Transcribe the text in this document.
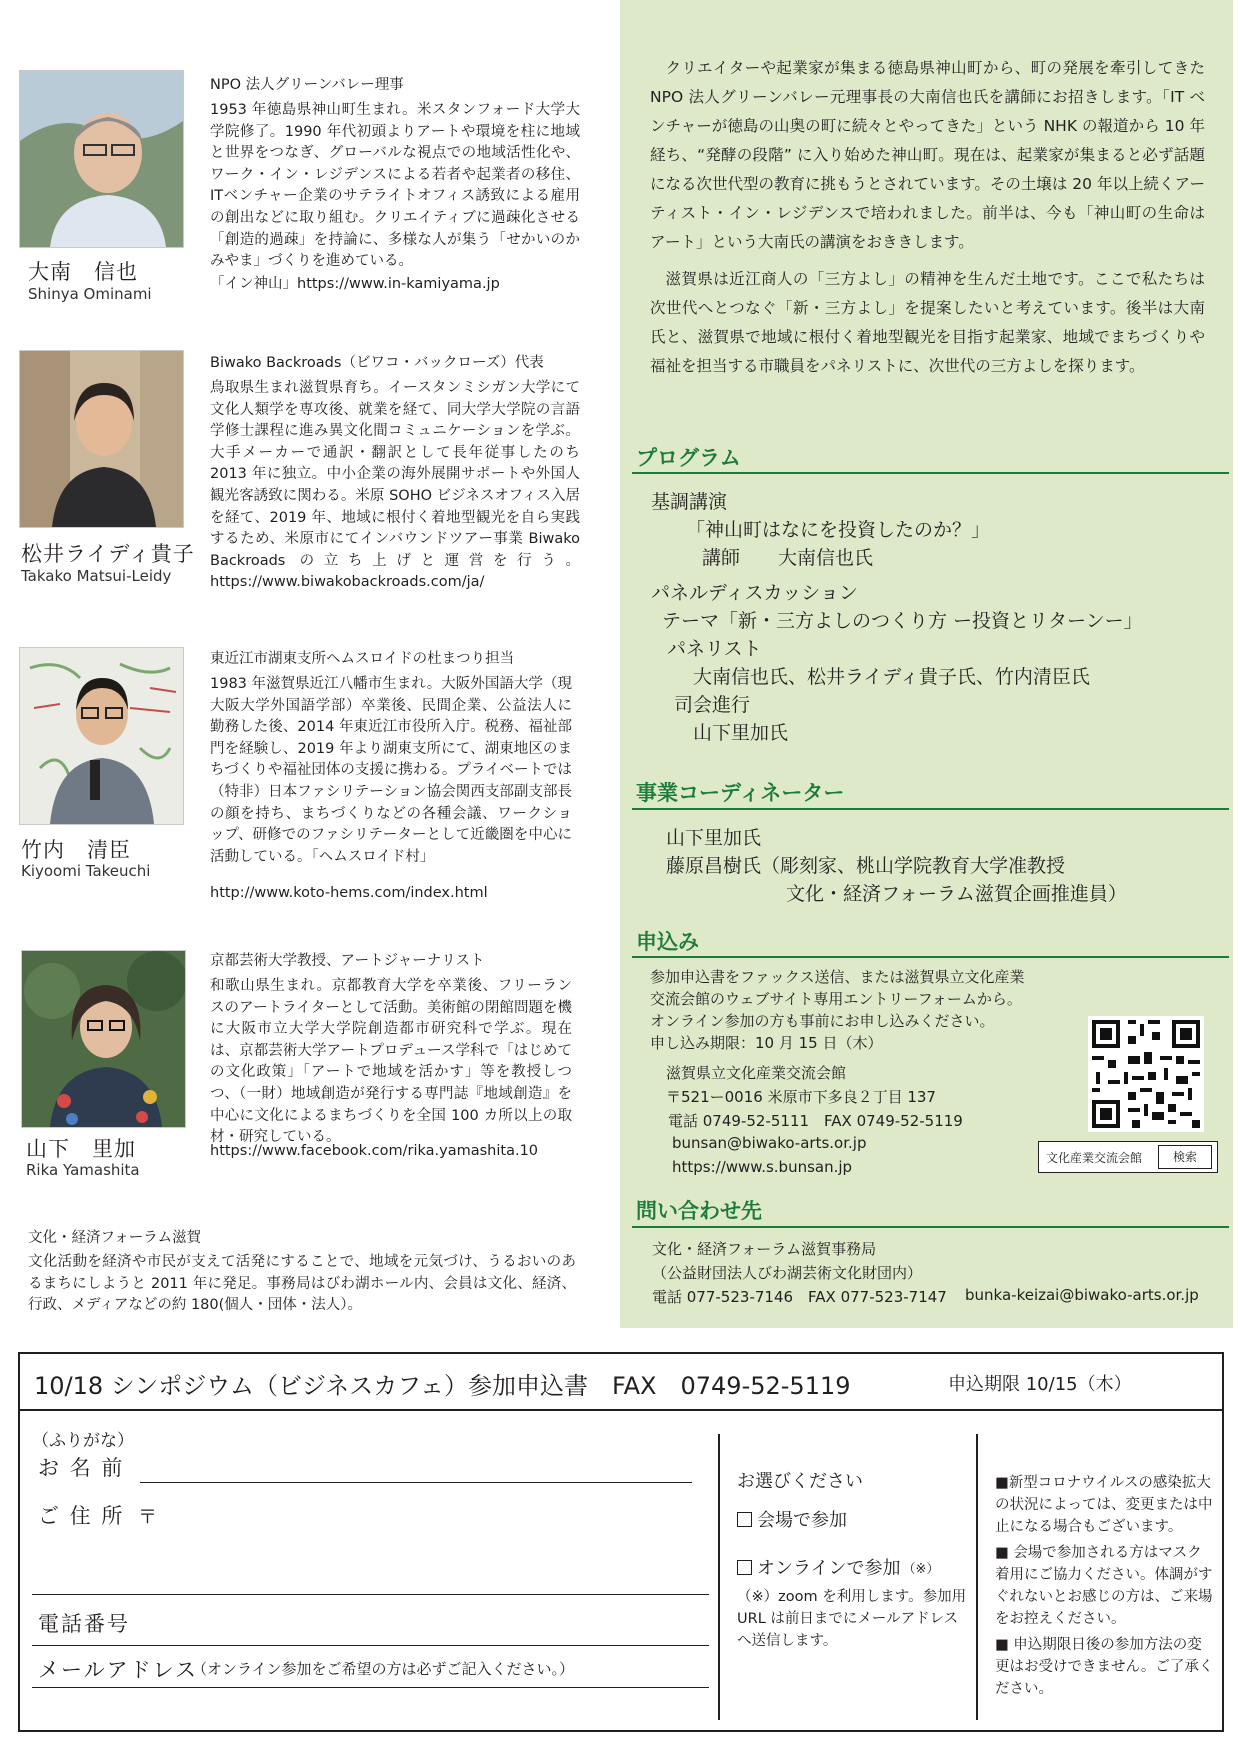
大南　信也
Shinya Ominami
NPO 法人グリーンバレー理事

1953 年徳島県神山町生まれ。米スタンフォード大学大学院修了。1990 年代初頭よりアートや環境を柱に地域と世界をつなぎ、グローバルな視点での地域活性化や、ワーク・イン・レジデンスによる若者や起業者の移住、ITベンチャー企業のサテライトオフィス誘致による雇用の創出などに取り組む。クリエイティブに過疎化させる「創造的過疎」を持論に、多様な人が集う「せかいのかみやま」づくりを進めている。

「イン神山」https://www.in-kamiyama.jp
松井ライディ貴子
Takako Matsui-Leidy
Biwako Backroads（ビワコ・バックローズ）代表

鳥取県生まれ滋賀県育ち。イースタンミシガン大学にて文化人類学を専攻後、就業を経て、同大学大学院の言語学修士課程に進み異文化間コミュニケーションを学ぶ。大手メーカーで通訳・翻訳として長年従事したのち 2013 年に独立。中小企業の海外展開サポートや外国人観光客誘致に関わる。米原 SOHO ビジネスオフィス入居を経て、2019 年、地域に根付く着地型観光を自ら実践するため、米原市にてインバウンドツアー事業 Biwako Backroads の立ち上げと運営を行う。https://www.biwakobackroads.com/ja/

竹内　清臣
Kiyoomi Takeuchi
東近江市湖東支所ヘムスロイドの杜まつり担当

1983 年滋賀県近江八幡市生まれ。大阪外国語大学（現大阪大学外国語学部）卒業後、民間企業、公益法人に勤務した後、2014 年東近江市役所入庁。税務、福祉部門を経験し、2019 年より湖東支所にて、湖東地区のまちづくりや福祉団体の支援に携わる。プライベートでは（特非）日本ファシリテーション協会関西支部副支部長の顔を持ち、まちづくりなどの各種会議、ワークショップ、研修でのファシリテーターとして近畿圏を中心に活動している。「ヘムスロイド村」

http://www.koto-hems.com/index.html
山下　里加
Rika Yamashita
京都芸術大学教授、アートジャーナリスト

和歌山県生まれ。京都教育大学を卒業後、フリーランスのアートライターとして活動。美術館の閉館問題を機に大阪市立大学大学院創造都市研究科で学ぶ。現在は、京都芸術大学アートプロデュース学科で「はじめての文化政策」「アートで地域を活かす」等を教授しつつ、（一財）地域創造が発行する専門誌『地域創造』を中心に文化によるまちづくりを全国 100 カ所以上の取材・研究している。

https://www.facebook.com/rika.yamashita.10
文化・経済フォーラム滋賀

文化活動を経済や市民が支えて活発にすることで、地域を元気づけ、うるおいのあるまちにしようと 2011 年に発足。事務局はびわ湖ホール内、会員は文化、経済、行政、メディアなどの約 180(個人・団体・法人）。

クリエイターや起業家が集まる徳島県神山町から、町の発展を牽引してきた NPO 法人グリーンバレー元理事長の大南信也氏を講師にお招きします。「IT ベンチャーが徳島の山奥の町に続々とやってきた」という NHK の報道から 10 年経ち、“発酵の段階” に入り始めた神山町。現在は、起業家が集まると必ず話題になる次世代型の教育に挑もうとされています。その土壌は 20 年以上続くアーティスト・イン・レジデンスで培われました。前半は、今も「神山町の生命はアート」という大南氏の講演をおききします。

滋賀県は近江商人の「三方よし」の精神を生んだ土地です。ここで私たちは次世代へとつなぐ「新・三方よし」を提案したいと考えています。後半は大南氏と、滋賀県で地域に根付く着地型観光を目指す起業家、地域でまちづくりや福祉を担当する市職員をパネリストに、次世代の三方よしを探ります。

プログラム
基調講演
「神山町はなにを投資したのか？」
講師　　大南信也氏
パネルディスカッション
テーマ「新・三方よしのつくり方 ー投資とリターンー」
パネリスト
大南信也氏、松井ライディ貴子氏、竹内清臣氏
司会進行
山下里加氏
事業コーディネーター
山下里加氏
藤原昌樹氏（彫刻家、桃山学院教育大学准教授
文化・経済フォーラム滋賀企画推進員）
申込み
参加申込書をファックス送信、または滋賀県立文化産業
交流会館のウェブサイト専用エントリーフォームから。
オンライン参加の方も事前にお申し込みください。
申し込み期限：10 月 15 日（木）
滋賀県立文化産業交流会館
〒521ー0016 米原市下多良２丁目 137
電話 0749-52-5111　FAX 0749-52-5119
bunsan@biwako-arts.or.jp
https://www.s.bunsan.jp	文化産業交流会館	検索
問い合わせ先
文化・経済フォーラム滋賀事務局
（公益財団法人びわ湖芸術文化財団内）
電話 077-523-7146　FAX 077-523-7147 bunka-keizai@biwako-arts.or.jp
10/18 シンポジウム（ビジネスカフェ）参加申込書　FAX　0749-52-5119	申込期限 10/15（木）
（ふりがな）
お 名 前
ご 住 所 〒
電話番号
メールアドレス
（オンライン参加をご希望の方は必ずご記入ください。）
お選びください
会場で参加
オンラインで参加 （※）

（※）zoom を利用します。参加用 URL は前日までにメールアドレスへ送信します。

■新型コロナウイルスの感染拡大の状況によっては、変更または中止になる場合もございます。

■ 会場で参加される方はマスク着用にご協力ください。体調がすぐれないとお感じの方は、ご来場をお控えください。

■ 申込期限日後の参加方法の変更はお受けできません。ご了承ください。
